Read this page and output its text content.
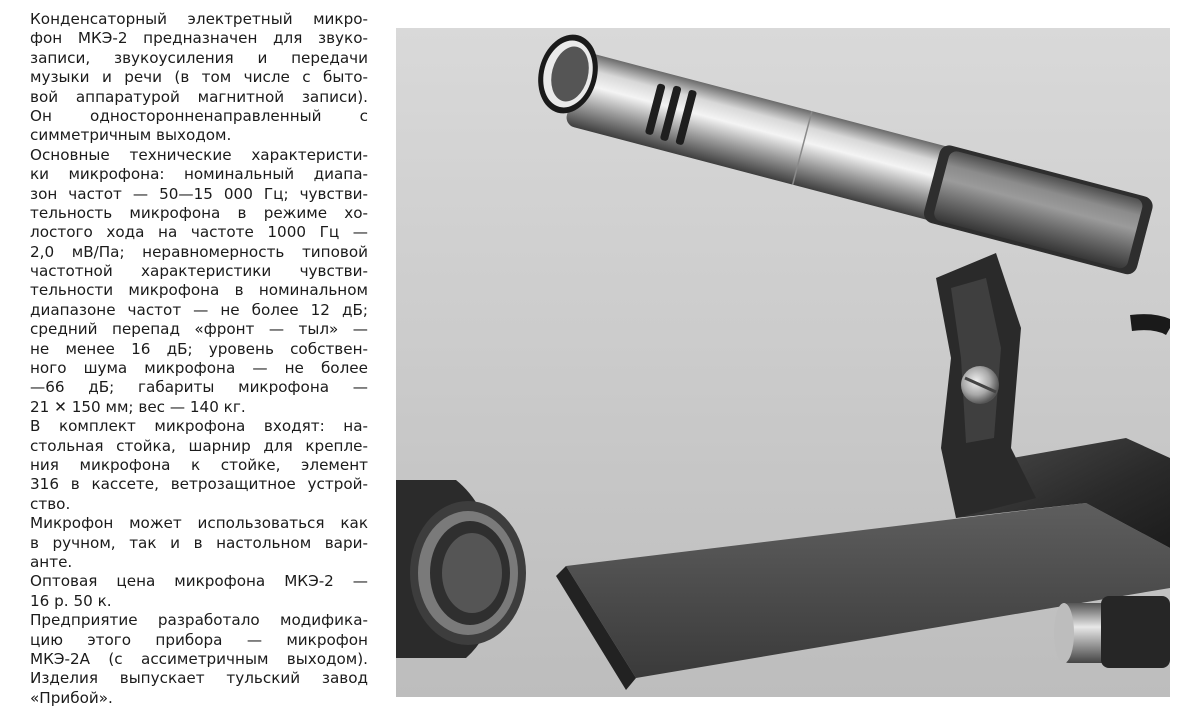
Конденсаторный электретный микро-
фон МКЭ-2 предназначен для звуко-
записи, звукоусиления и передачи
музыки и речи (в том числе с быто-
вой аппаратурой магнитной записи).
Он односторонненаправленный с
симметричным выходом.
Основные технические характеристи-
ки микрофона: номинальный диапа-
зон частот — 50—15 000 Гц; чувстви-
тельность микрофона в режиме хо-
лостого хода на частоте 1000 Гц —
2,0 мВ/Па; неравномерность типовой
частотной характеристики чувстви-
тельности микрофона в номинальном
диапазоне частот — не более 12 дБ;
средний перепад «фронт — тыл» —
не менее 16 дБ; уровень собствен-
ного шума микрофона — не более
—66 дБ; габариты микрофона —
21 ✕ 150 мм; вес — 140 кг.
В комплект микрофона входят: на-
стольная стойка, шарнир для крепле-
ния микрофона к стойке, элемент
316 в кассете, ветрозащитное устрой-
ство.
Микрофон может использоваться как
в ручном, так и в настольном вари-
анте.
Оптовая цена микрофона МКЭ-2 —
16 р. 50 к.
Предприятие разработало модифика-
цию этого прибора — микрофон
МКЭ-2А (с ассиметричным выходом).
Изделия выпускает тульский завод
«Прибой».
